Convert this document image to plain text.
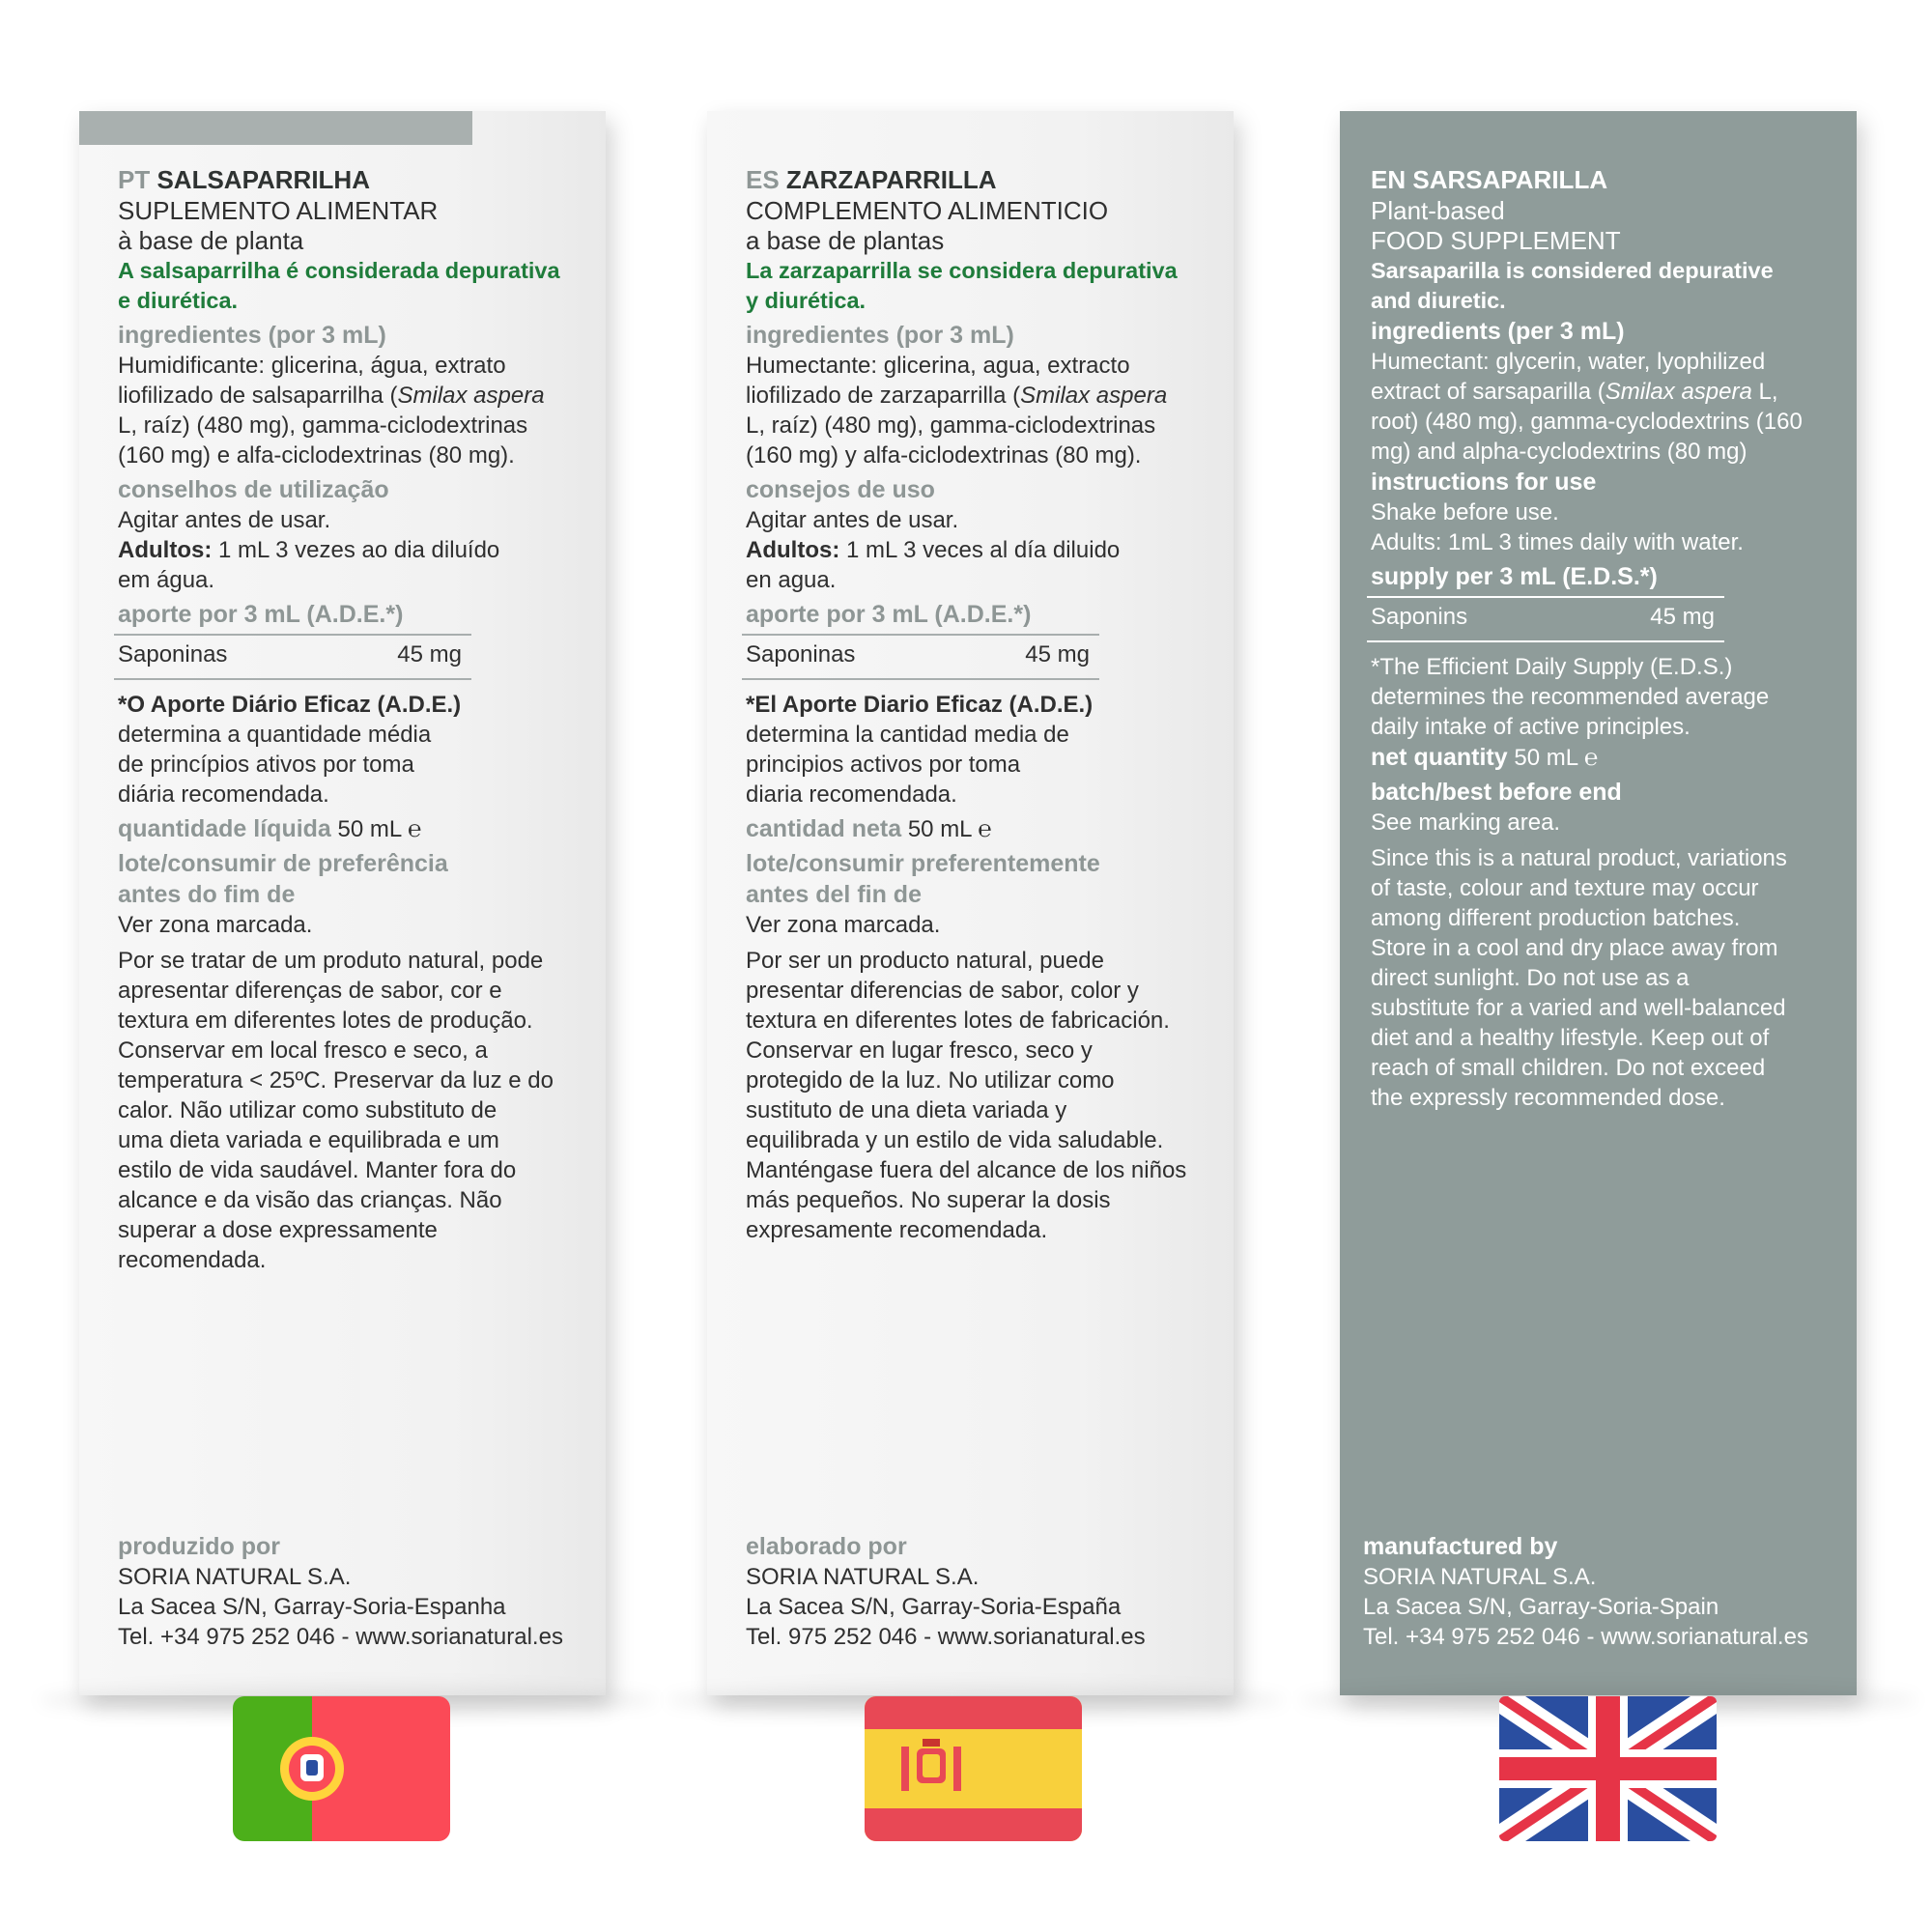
PT SALSAPARRILHA

SUPLEMENTO ALIMENTAR

à base de planta

A salsaparrilha é considerada depurativa

e diurética.

ingredientes (por 3 mL)

Humidificante: glicerina, água, extrato

liofilizado de salsaparrilha (Smilax aspera

L, raíz) (480 mg), gamma-ciclodextrinas

(160 mg) e alfa-ciclodextrinas (80 mg).

conselhos de utilização

Agitar antes de usar.

Adultos: 1 mL 3 vezes ao dia diluído

em água.

aporte por 3 mL (A.D.E.*)

Saponinas	45 mg

*O Aporte Diário Eficaz (A.D.E.)

determina a quantidade média

de princípios ativos por toma

diária recomendada.

quantidade líquida 50 mL ℮

lote/consumir de preferência

antes do fim de

Ver zona marcada.

Por se tratar de um produto natural, pode

apresentar diferenças de sabor, cor e

textura em diferentes lotes de produção.

Conservar em local fresco e seco, a

temperatura < 25ºC. Preservar da luz e do

calor. Não utilizar como substituto de

uma dieta variada e equilibrada e um

estilo de vida saudável. Manter fora do

alcance e da visão das crianças. Não

superar a dose expressamente

recomendada.

produzido por

SORIA NATURAL S.A.

La Sacea S/N, Garray-Soria-Espanha

Tel. +34 975 252 046 - www.sorianatural.es

ES ZARZAPARRILLA

COMPLEMENTO ALIMENTICIO

a base de plantas

La zarzaparrilla se considera depurativa

y diurética.

ingredientes (por 3 mL)

Humectante: glicerina, agua, extracto

liofilizado de zarzaparrilla (Smilax aspera

L, raíz) (480 mg), gamma-ciclodextrinas

(160 mg) y alfa-ciclodextrinas (80 mg).

consejos de uso

Agitar antes de usar.

Adultos: 1 mL 3 veces al día diluido

en agua.

aporte por 3 mL (A.D.E.*)

Saponinas	45 mg

*El Aporte Diario Eficaz (A.D.E.)

determina la cantidad media de

principios activos por toma

diaria recomendada.

cantidad neta 50 mL ℮

lote/consumir preferentemente

antes del fin de

Ver zona marcada.

Por ser un producto natural, puede

presentar diferencias de sabor, color y

textura en diferentes lotes de fabricación.

Conservar en lugar fresco, seco y

protegido de la luz. No utilizar como

sustituto de una dieta variada y

equilibrada y un estilo de vida saludable.

Manténgase fuera del alcance de los niños

más pequeños. No superar la dosis

expresamente recomendada.

elaborado por

SORIA NATURAL S.A.

La Sacea S/N, Garray-Soria-España

Tel. 975 252 046 - www.sorianatural.es

EN SARSAPARILLA

Plant-based

FOOD SUPPLEMENT

Sarsaparilla is considered depurative

and diuretic.

ingredients (per 3 mL)

Humectant: glycerin, water, lyophilized

extract of sarsaparilla (Smilax aspera L,

root) (480 mg), gamma-cyclodextrins (160

mg) and alpha-cyclodextrins (80 mg)

instructions for use

Shake before use.

Adults: 1mL 3 times daily with water.

supply per 3 mL (E.D.S.*)

Saponins	45 mg

*The Efficient Daily Supply (E.D.S.)

determines the recommended average

daily intake of active principles.

net quantity 50 mL ℮

batch/best before end

See marking area.

Since this is a natural product, variations

of taste, colour and texture may occur

among different production batches.

Store in a cool and dry place away from

direct sunlight. Do not use as a

substitute for a varied and well-balanced

diet and a healthy lifestyle. Keep out of

reach of small children. Do not exceed

the expressly recommended dose.

manufactured by

SORIA NATURAL S.A.

La Sacea S/N, Garray-Soria-Spain

Tel. +34 975 252 046 - www.sorianatural.es
